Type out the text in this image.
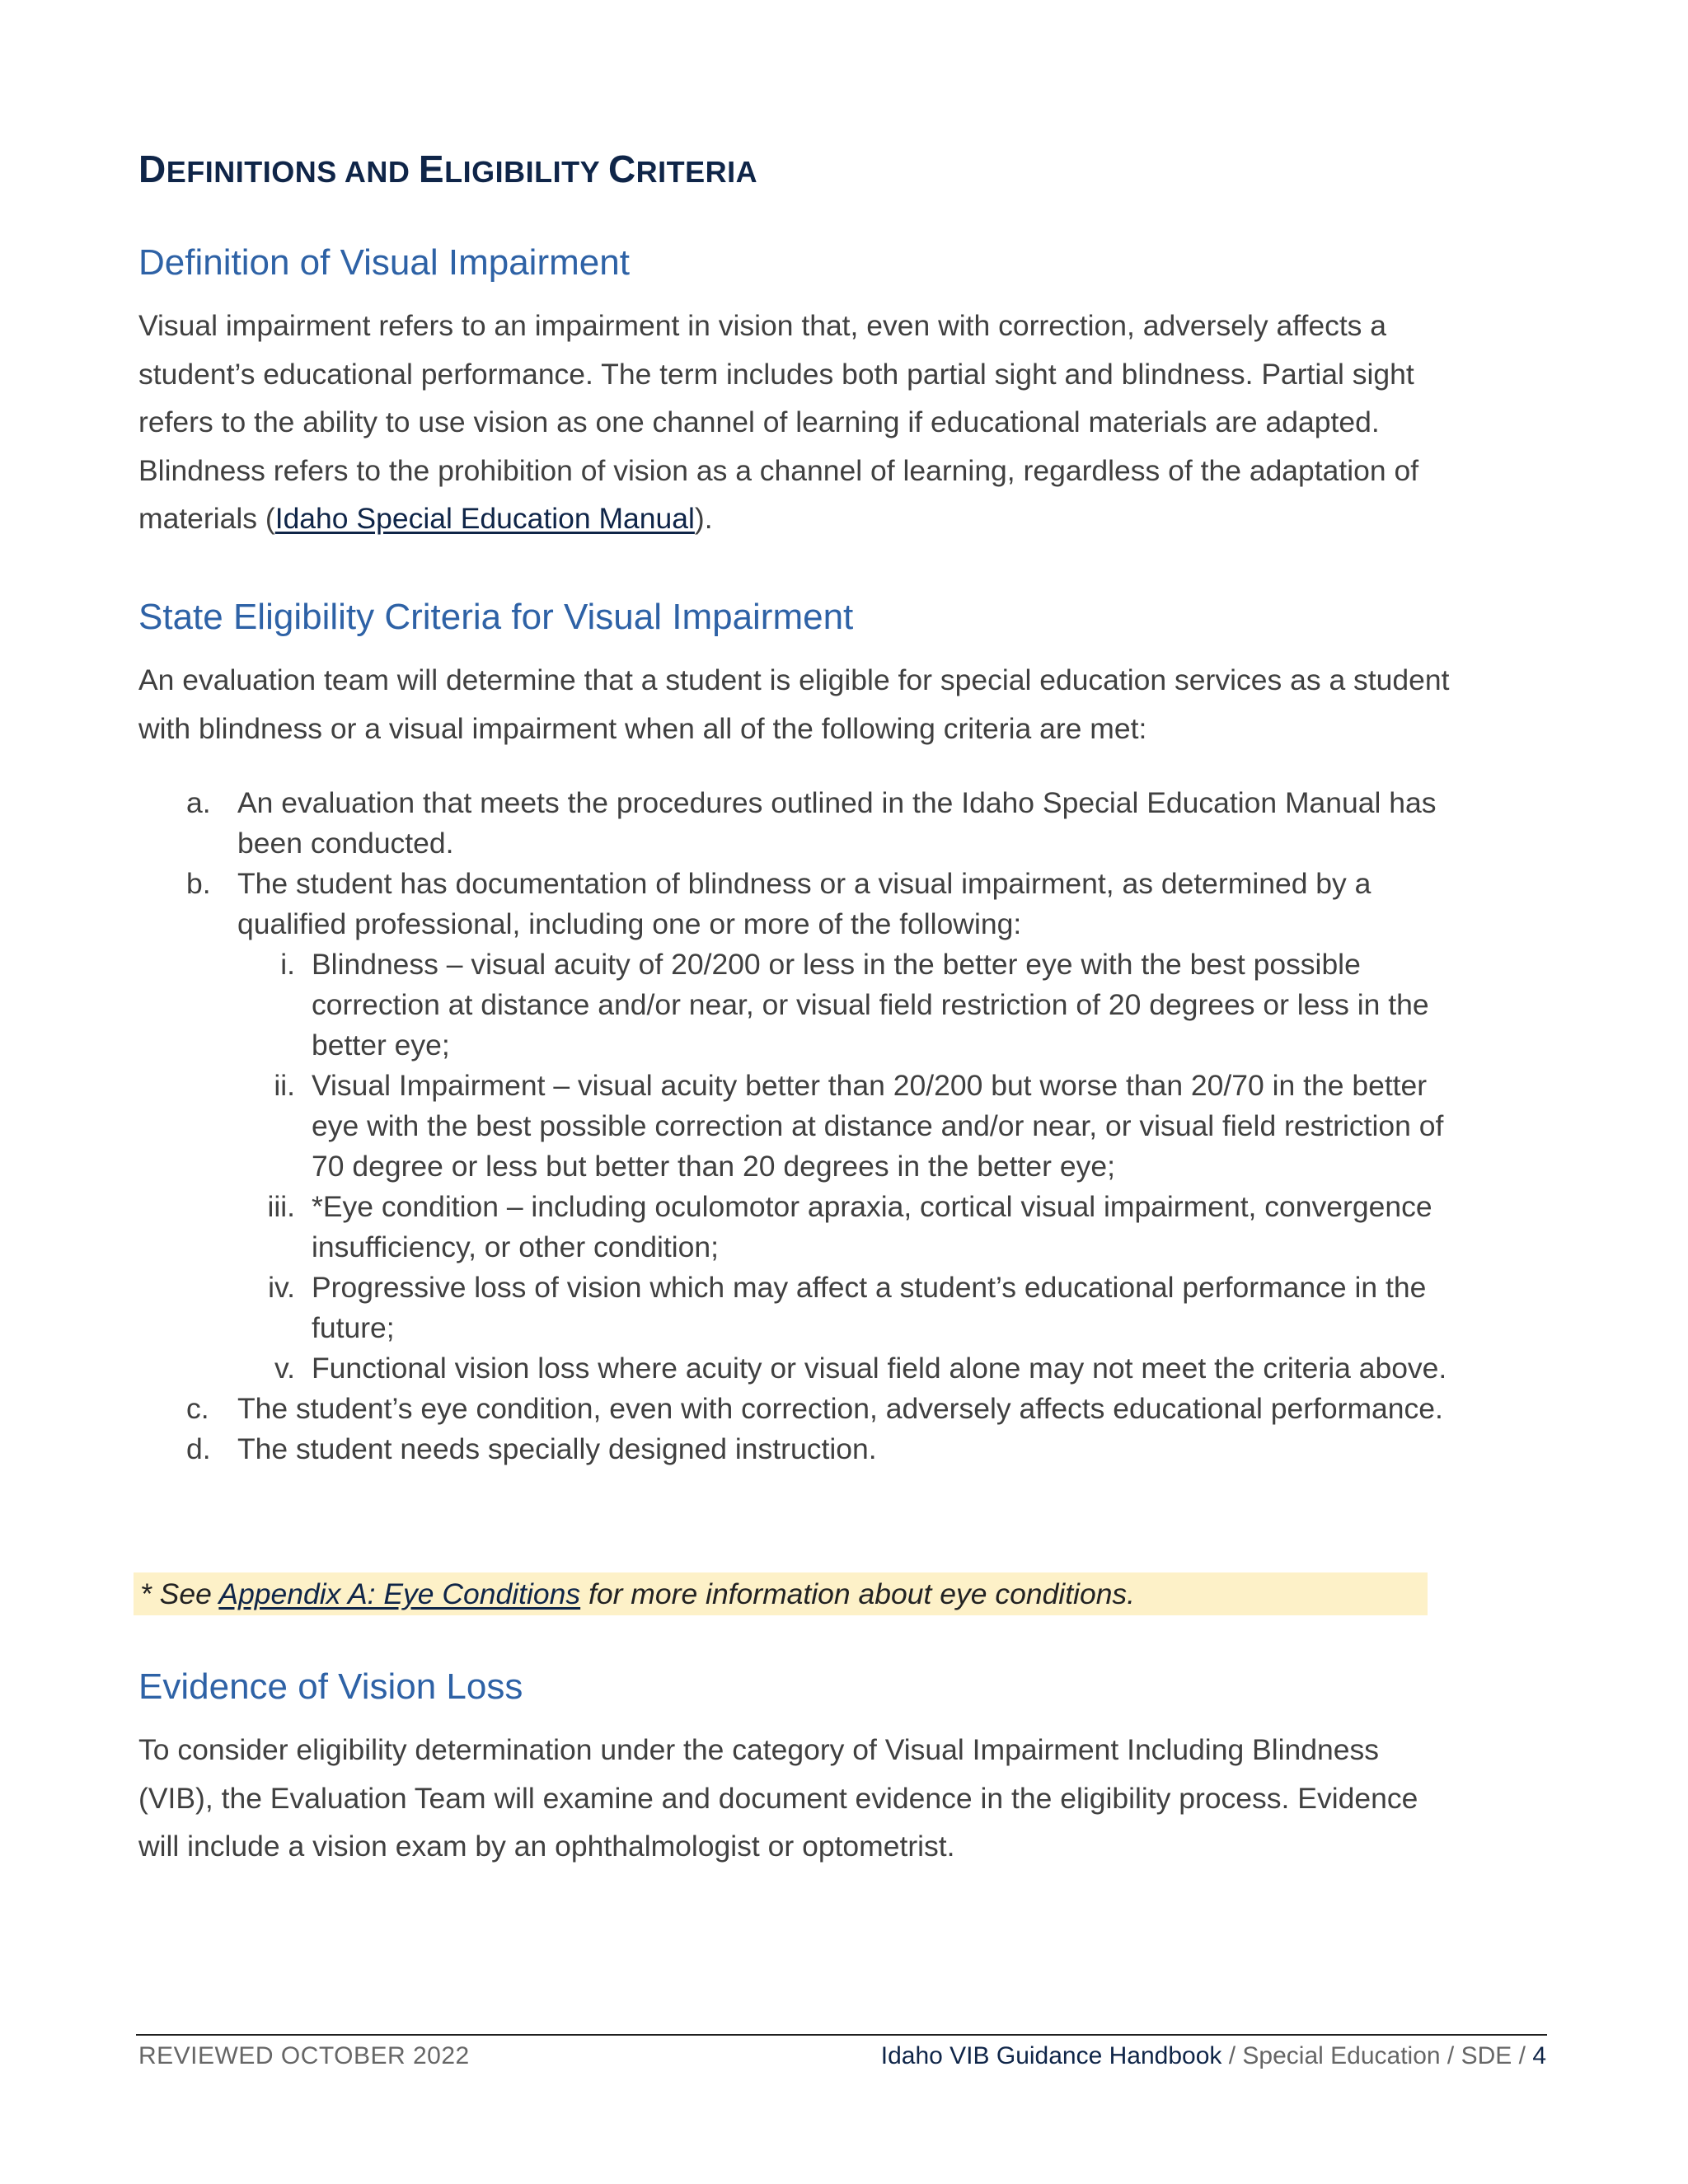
DEFINITIONS AND ELIGIBILITY CRITERIA
Definition of Visual Impairment

Visual impairment refers to an impairment in vision that, even with correction, adversely affects a student’s educational performance. The term includes both partial sight and blindness. Partial sight refers to the ability to use vision as one channel of learning if educational materials are adapted. Blindness refers to the prohibition of vision as a channel of learning, regardless of the adaptation of materials (Idaho Special Education Manual).

State Eligibility Criteria for Visual Impairment

An evaluation team will determine that a student is eligible for special education services as a student with blindness or a visual impairment when all of the following criteria are met:

a. An evaluation that meets the procedures outlined in the Idaho Special Education Manual has been conducted.
b. The student has documentation of blindness or a visual impairment, as determined by a qualified professional, including one or more of the following:
i. Blindness – visual acuity of 20/200 or less in the better eye with the best possible correction at distance and/or near, or visual field restriction of 20 degrees or less in the better eye;
ii. Visual Impairment – visual acuity better than 20/200 but worse than 20/70 in the better eye with the best possible correction at distance and/or near, or visual field restriction of 70 degree or less but better than 20 degrees in the better eye;
iii. *Eye condition – including oculomotor apraxia, cortical visual impairment, convergence insufficiency, or other condition;
iv. Progressive loss of vision which may affect a student’s educational performance in the future;
v. Functional vision loss where acuity or visual field alone may not meet the criteria above.
c. The student’s eye condition, even with correction, adversely affects educational performance.
d. The student needs specially designed instruction.
* See Appendix A: Eye Conditions for more information about eye conditions.
Evidence of Vision Loss

To consider eligibility determination under the category of Visual Impairment Including Blindness (VIB), the Evaluation Team will examine and document evidence in the eligibility process. Evidence will include a vision exam by an ophthalmologist or optometrist.

REVIEWED OCTOBER 2022	Idaho VIB Guidance Handbook / Special Education / SDE / 4
